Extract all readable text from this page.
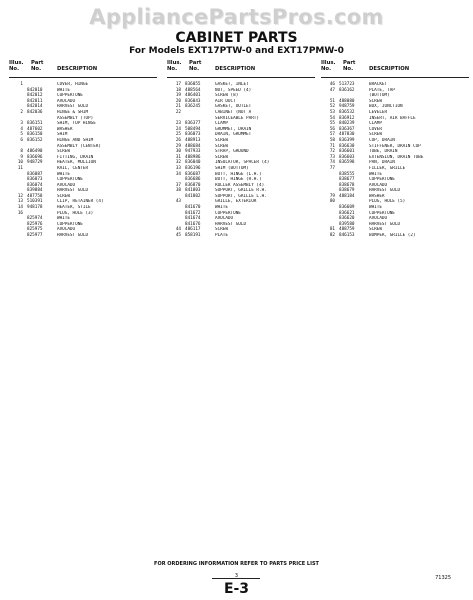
AppliancePartsPros.com
CABINET PARTS
For Models EXT17PTW-0 and EXT17PMW-0
Illus.
No.
Part
No.	DESCRIPTION
1	COVER, HINGE
842010	WHITE
842012	COPPERTONE
842011	AVOCADO
842014	HARVEST GOLD
2 842036	HINGE & SHIM
ASSEMBLY (TOP)
3 836151	SHIM, TOP HINGE
4 487602	WASHER
5 836150	SHIM
6 836152	HINGE AND SHIM
ASSEMBLY (CENTER)
8 486490	SCREW
9 836696	FITTING, DRAIN
10 948729	HEATER, MULLION
11	RAIL, CENTER
836087	WHITE
836073	COPPERTONE
836074	AVOCADO
839884	HARVEST GOLD
12 487758	SCREW
13 510391	CLIP, RETAINER (4)
14 948178	HEATER, STILE
16	PLUG, HOLE (3)
825974	WHITE
825976	COPPERTONE
825975	AVOCADO
825977	HARVEST GOLD
Illus.
No.
Part
No.	DESCRIPTION
17 836055	GASKET, INLET
18 488564	NUT, SPEED (4)
19 486401	SCREW (8)
20 836043	AIR DUCT
21 836245	GASKET, OUTLET
22	CABINET (NOT A
SERVICEABLE PART)
23 836377	CLAMP
24 508494	GROMMET, DRAIN
25 836073	DRAIN, GROMMET
26 488913	SCREW
29 488684	SCREW
30 947933	STRAP, GROUND
31 488986	SCREW
32 836040	INSULATOR, SPACER (4)
33 836196	SHIM (BOTTOM)
34 836687	BUTT, HINGE (L.H.)
836686	BUTT, HINGE (R.H.)
37 836870	ROLLER ASSEMBLY (4)
38 841803	SUPPORT, GRILLE R.H.
841802	SUPPORT, GRILLE L.H.
43	GRILLE, EXTERIOR
841670	WHITE
841672	COPPERTONE
841674	AVOCADO
841676	HARVEST GOLD
44 486117	SCREW
45 858191	PLATE
Illus.
No.
Part
No.	DESCRIPTION
46 513723	BRACKET
47 836162	PLATE, TAP
(BOTTOM)
51 488080	SCREW
52 948759	BOX, JUNCTION
53 836532	LEVELER
54 836912	INSERT, AIR BAFFLE
55 840239	CLAMP
56 836367	COVER
57 487830	SCREW
58 836399	CUP, DRAIN
71 836630	STIFFENER, DRAIN CUP
72 836601	TUBE, DRAIN
73 836603	EXTENSION, DRAIN TUBE
74 836598	PAN, DRAIN
77	FILLER, GRILLE
838555	WHITE
838677	COPPERTONE
838678	AVOCADO
838679	HARVEST GOLD
79 488184	WASHER
80	PLUG, HOLE (5)
836609	WHITE
836621	COPPERTONE
836620	AVOCADO
839580	HARVEST GOLD
81 488759	SCREW
82 846153	BUMPER, GRILLE (2)
FOR ORDERING INFORMATION REFER TO PARTS PRICE LIST
3
E-3
71325
